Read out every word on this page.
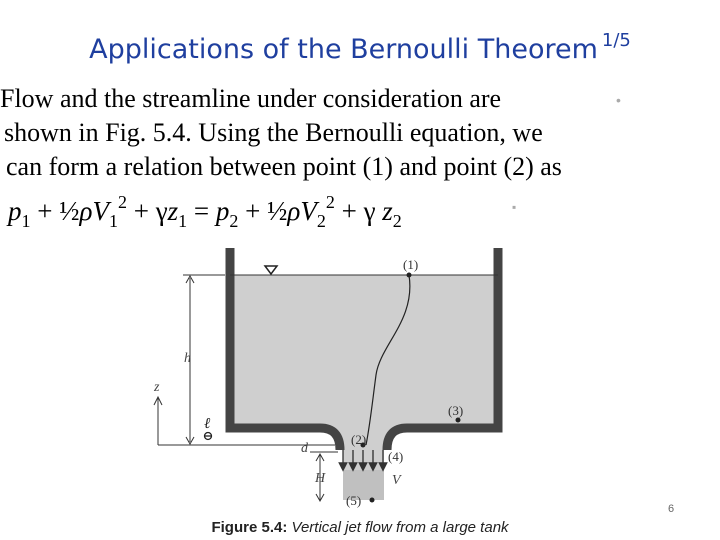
Applications of the Bernoulli Theorem $^{1/5}$
Flow and the streamline under consideration are	•
shown in Fig. 5.4. Using the Bernoulli equation, we
can form a relation between point (1) and point (2) as
$p_1$ + $\frac{1}{2}\rho V_1^2 + \gamma z_1 = p_2$ + $\frac{1}{2}\rho V_2^2 + \gamma$ $z_2$
▪
(1)
(2)
(3)
(4)
(5)
h
z
d
H	V
ℓ
6
Figure 5.4: Vertical jet flow from a large tank
